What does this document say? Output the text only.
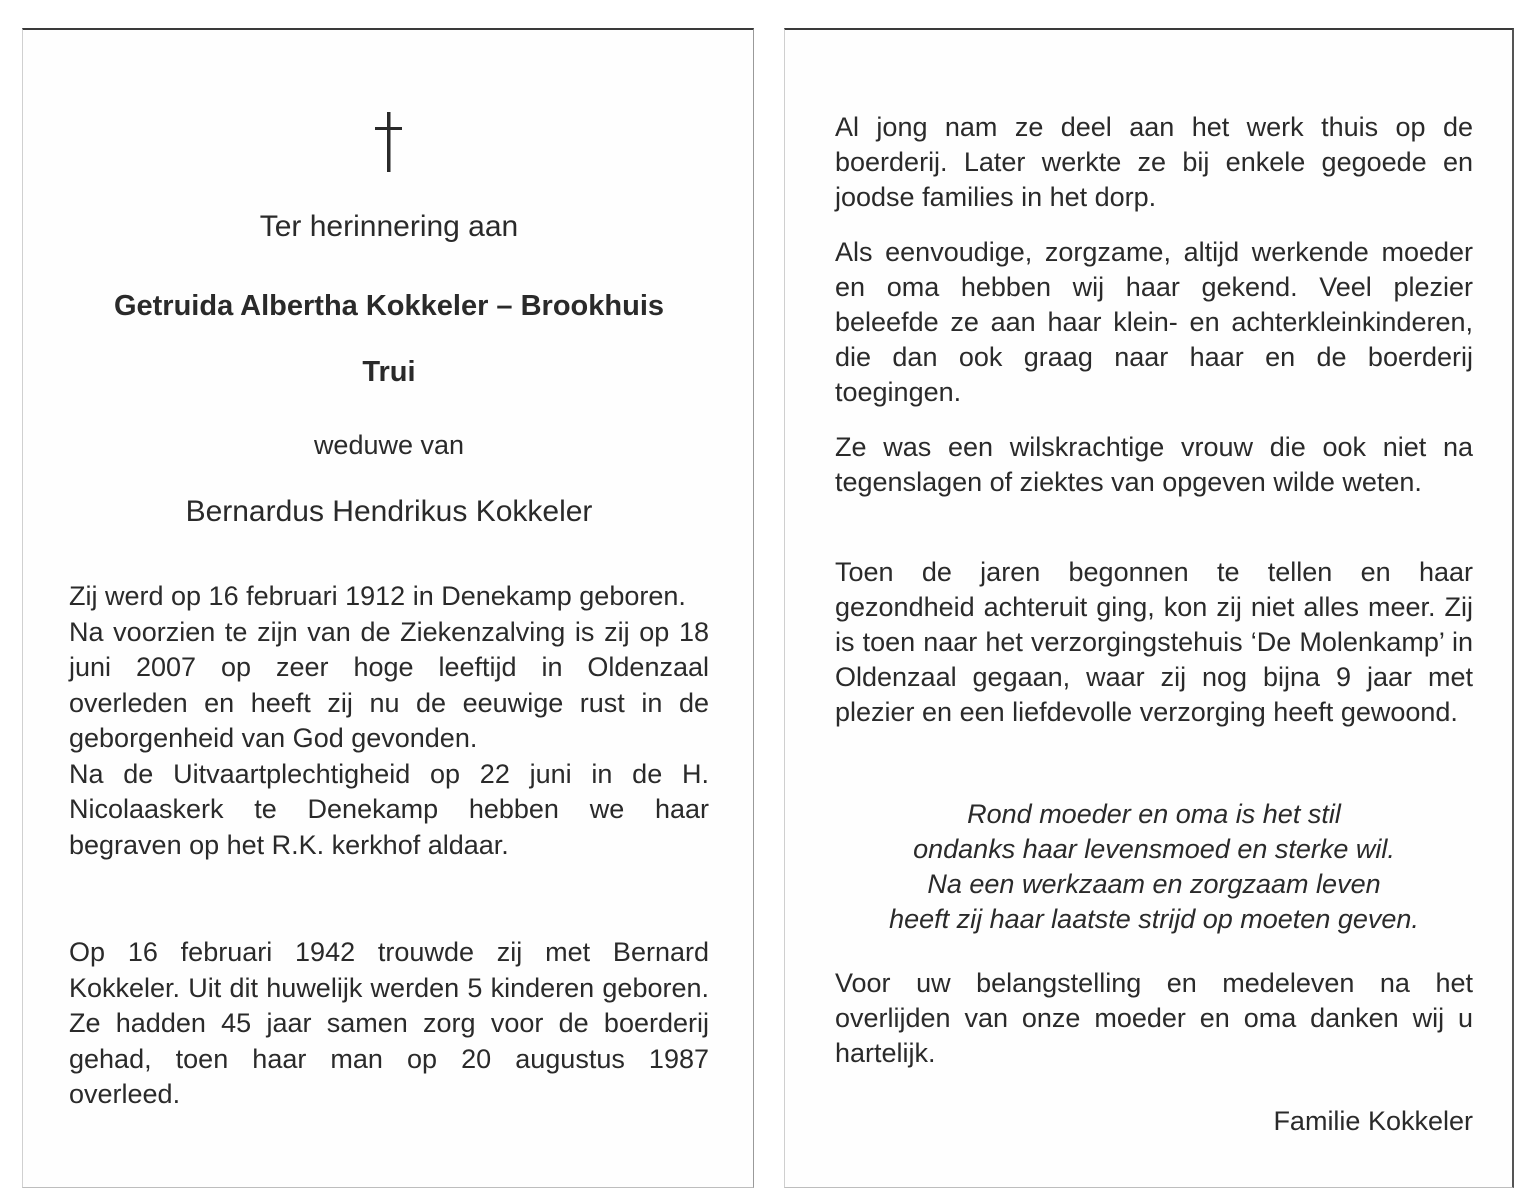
Ter herinnering aan

Getruida Albertha Kokkeler – Brookhuis

Trui

weduwe van

Bernardus Hendrikus Kokkeler

Zij werd op 16 februari 1912 in Denekamp geboren.

Na voorzien te zijn van de Ziekenzalving is zij op 18 juni 2007 op zeer hoge leeftijd in Oldenzaal overleden en heeft zij nu de eeuwige rust in de geborgenheid van God gevonden.

Na de Uitvaartplechtigheid op 22 juni in de H. Nicolaaskerk te Denekamp hebben we haar begraven op het R.K. kerkhof aldaar.

Op 16 februari 1942 trouwde zij met Bernard Kokkeler. Uit dit huwelijk werden 5 kinderen geboren. Ze hadden 45 jaar samen zorg voor de boerderij gehad, toen haar man op 20 augustus 1987 overleed.

Al jong nam ze deel aan het werk thuis op de boerderij. Later werkte ze bij enkele gegoede en joodse families in het dorp.

Als eenvoudige, zorgzame, altijd werkende moeder en oma hebben wij haar gekend. Veel plezier beleefde ze aan haar klein- en achterkleinkinderen, die dan ook graag naar haar en de boerderij toegingen.

Ze was een wilskrachtige vrouw die ook niet na tegenslagen of ziektes van opgeven wilde weten.

Toen de jaren begonnen te tellen en haar gezondheid achteruit ging, kon zij niet alles meer. Zij is toen naar het verzorgingstehuis ‘De Molenkamp’ in Oldenzaal gegaan, waar zij nog bijna 9 jaar met plezier en een liefdevolle verzorging heeft gewoond.

Rond moeder en oma is het stil

ondanks haar levensmoed en sterke wil.

Na een werkzaam en zorgzaam leven

heeft zij haar laatste strijd op moeten geven.

Voor uw belangstelling en medeleven na het overlijden van onze moeder en oma danken wij u hartelijk.

Familie Kokkeler
